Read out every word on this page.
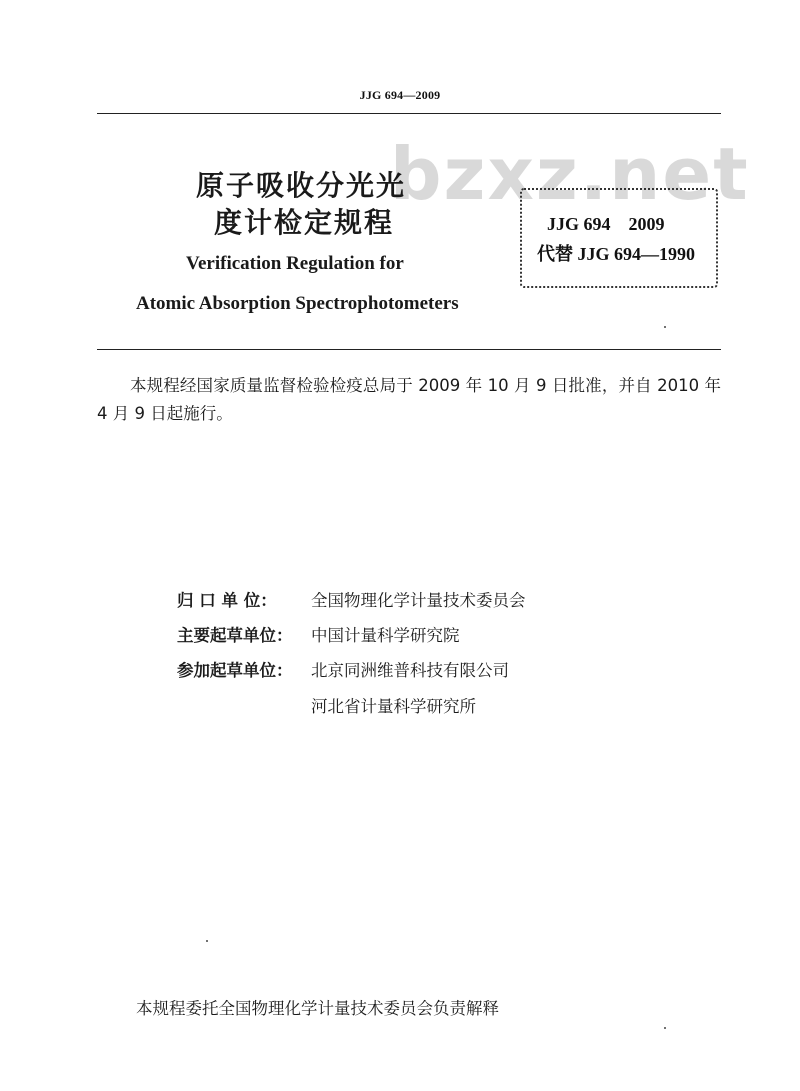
JJG 694—2009
bzxz.net
原子吸收分光光
度计检定规程	JJG 694　2009
代替 JJG 694—1990
Verification Regulation for
Atomic Absorption Spectrophotometers
本规程经国家质量监督检验检疫总局于 2009 年 10 月 9 日批准，并自 2010 年 4 月 9 日起施行。
归 口 单 位： 全国物理化学计量技术委员会
主要起草单位： 中国计量科学研究院
参加起草单位： 北京同洲维普科技有限公司
河北省计量科学研究所
本规程委托全国物理化学计量技术委员会负责解释
